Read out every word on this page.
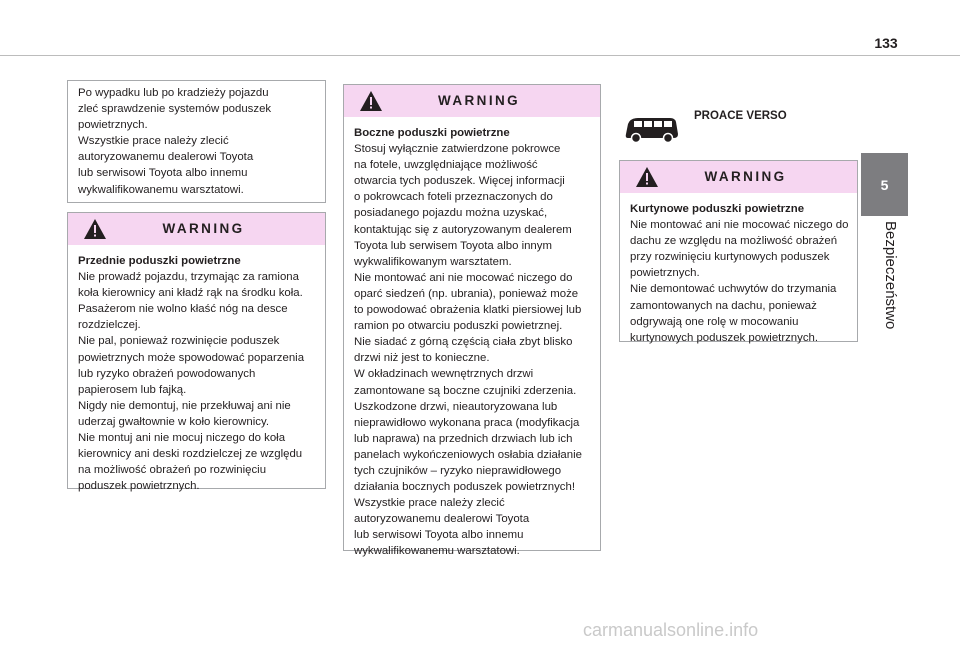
133
5
Bezpieczeństwo
Po wypadku lub po kradzieży pojazdu
zleć sprawdzenie systemów poduszek
powietrznych.
Wszystkie prace należy zlecić
autoryzowanemu dealerowi Toyota
lub serwisowi Toyota albo innemu
wykwalifikowanemu warsztatowi.
WARNING
Przednie poduszki powietrzne
Nie prowadź pojazdu, trzymając za ramiona
koła kierownicy ani kładź rąk na środku koła.
Pasażerom nie wolno kłaść nóg na desce
rozdzielczej.
Nie pal, ponieważ rozwinięcie poduszek
powietrznych może spowodować poparzenia
lub ryzyko obrażeń powodowanych
papierosem lub fajką.
Nigdy nie demontuj, nie przekłuwaj ani nie
uderzaj gwałtownie w koło kierownicy.
Nie montuj ani nie mocuj niczego do koła
kierownicy ani deski rozdzielczej ze względu
na możliwość obrażeń po rozwinięciu
poduszek powietrznych.
WARNING
Boczne poduszki powietrzne
Stosuj wyłącznie zatwierdzone pokrowce
na fotele, uwzględniające możliwość
otwarcia tych poduszek. Więcej informacji
o pokrowcach foteli przeznaczonych do
posiadanego pojazdu można uzyskać,
kontaktując się z autoryzowanym dealerem
Toyota lub serwisem Toyota albo innym
wykwalifikowanym warsztatem.
Nie montować ani nie mocować niczego do
oparć siedzeń (np. ubrania), ponieważ może
to powodować obrażenia klatki piersiowej lub
ramion po otwarciu poduszki powietrznej.
Nie siadać z górną częścią ciała zbyt blisko
drzwi niż jest to konieczne.
W okładzinach wewnętrznych drzwi
zamontowane są boczne czujniki zderzenia.
Uszkodzone drzwi, nieautoryzowana lub
nieprawidłowo wykonana praca (modyfikacja
lub naprawa) na przednich drzwiach lub ich
panelach wykończeniowych osłabia działanie
tych czujników – ryzyko nieprawidłowego
działania bocznych poduszek powietrznych!
Wszystkie prace należy zlecić
autoryzowanemu dealerowi Toyota
lub serwisowi Toyota albo innemu
wykwalifikowanemu warsztatowi.
PROACE VERSO
WARNING
Kurtynowe poduszki powietrzne
Nie montować ani nie mocować niczego do
dachu ze względu na możliwość obrażeń
przy rozwinięciu kurtynowych poduszek
powietrznych.
Nie demontować uchwytów do trzymania
zamontowanych na dachu, ponieważ
odgrywają one rolę w mocowaniu
kurtynowych poduszek powietrznych.
carmanualsonline.info
